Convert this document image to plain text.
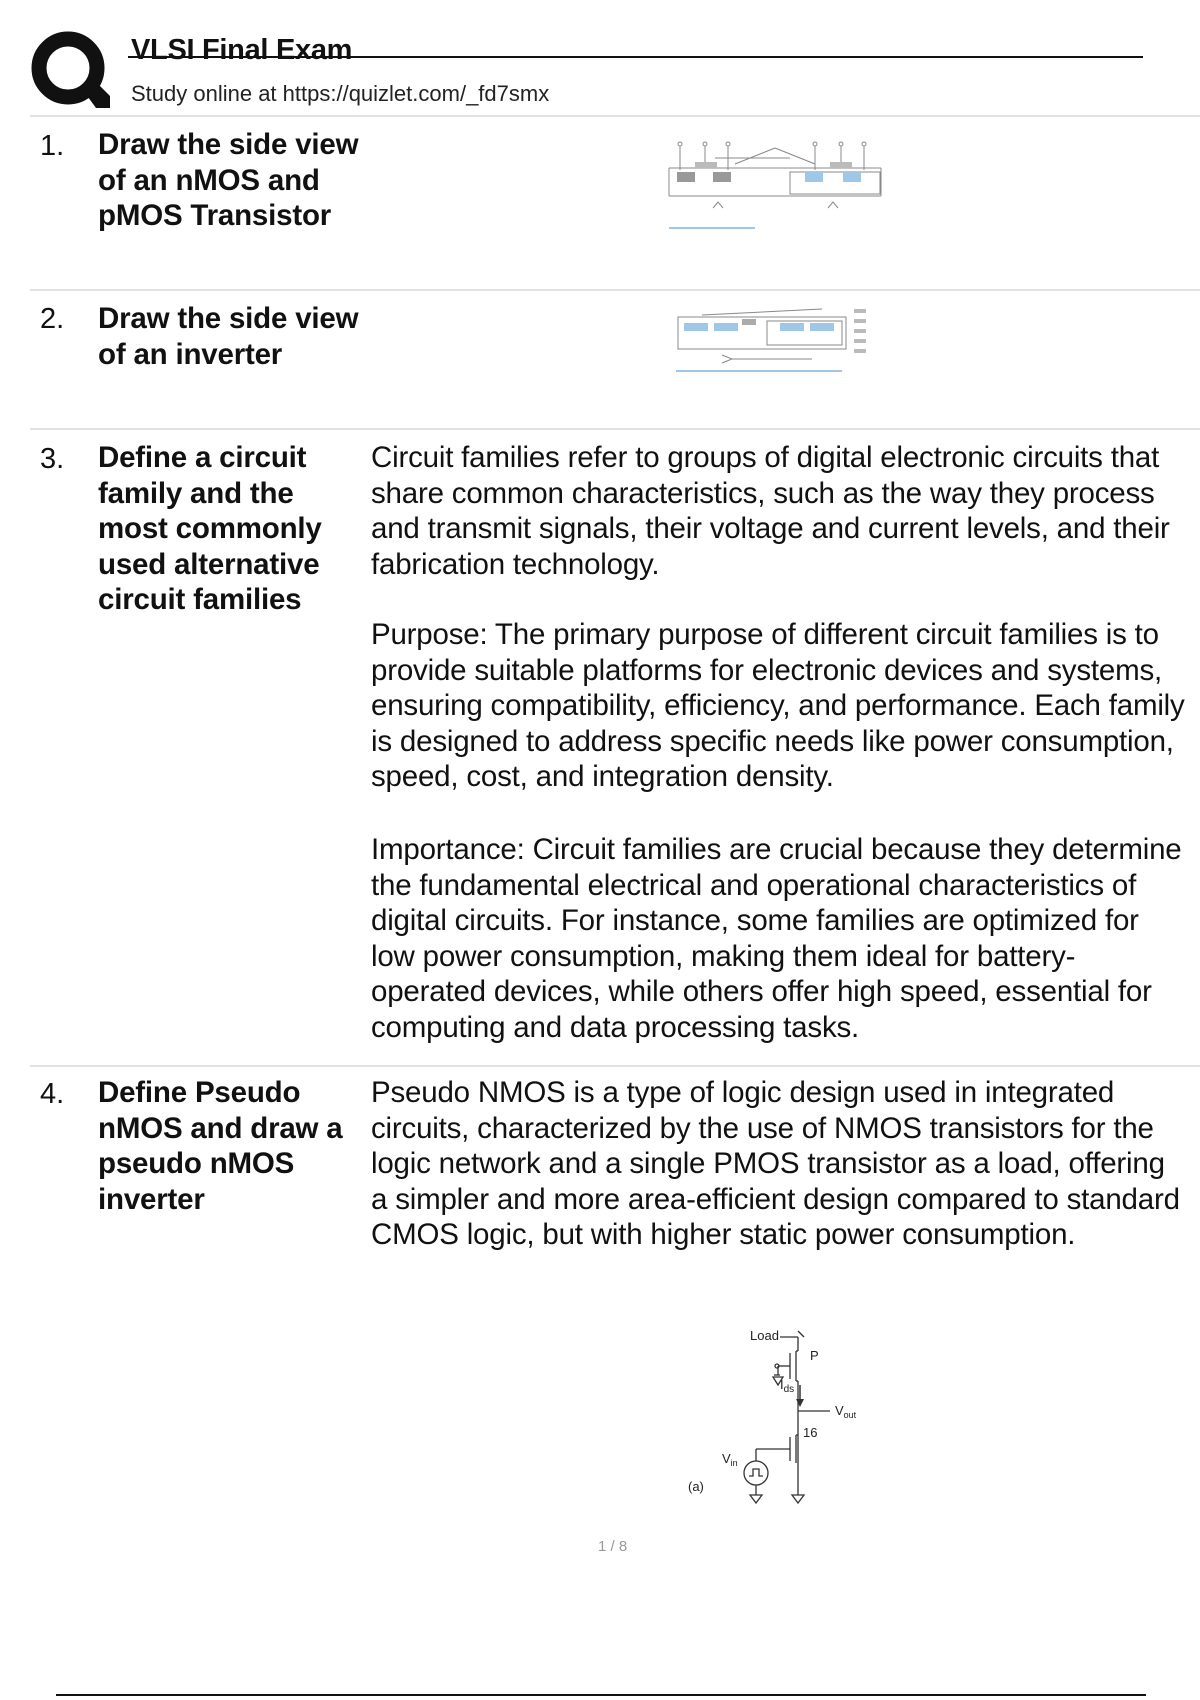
VLSI Final Exam
Study online at https://quizlet.com/_fd7smx
1. Draw the side view of an nMOS and pMOS Transistor
2. Draw the side view of an inverter
3. Define a circuit family and the most commonly used alternative circuit families

Circuit families refer to groups of digital electronic circuits that share common characteristics, such as the way they process and transmit signals, their voltage and current levels, and their fabrication technology.

Purpose: The primary purpose of different circuit families is to provide suitable platforms for electronic devices and systems, ensuring compatibility, efficiency, and performance. Each family is designed to address specific needs like power consumption, speed, cost, and integration density.

Importance: Circuit families are crucial because they determine the fundamental electrical and operational characteristics of digital circuits. For instance, some families are optimized for low power consumption, making them ideal for battery-operated devices, while others offer high speed, essential for computing and data processing tasks.

4. Define Pseudo nMOS and draw a pseudo nMOS inverter

Pseudo NMOS is a type of logic design used in integrated circuits, characterized by the use of NMOS transistors for the logic network and a single PMOS transistor as a load, offering a simpler and more area-efficient design compared to standard CMOS logic, but with higher static power consumption.

Load
P
$I_{ds}$
$V_{out}$
16
$V_{in}$
(a)
1 / 8
